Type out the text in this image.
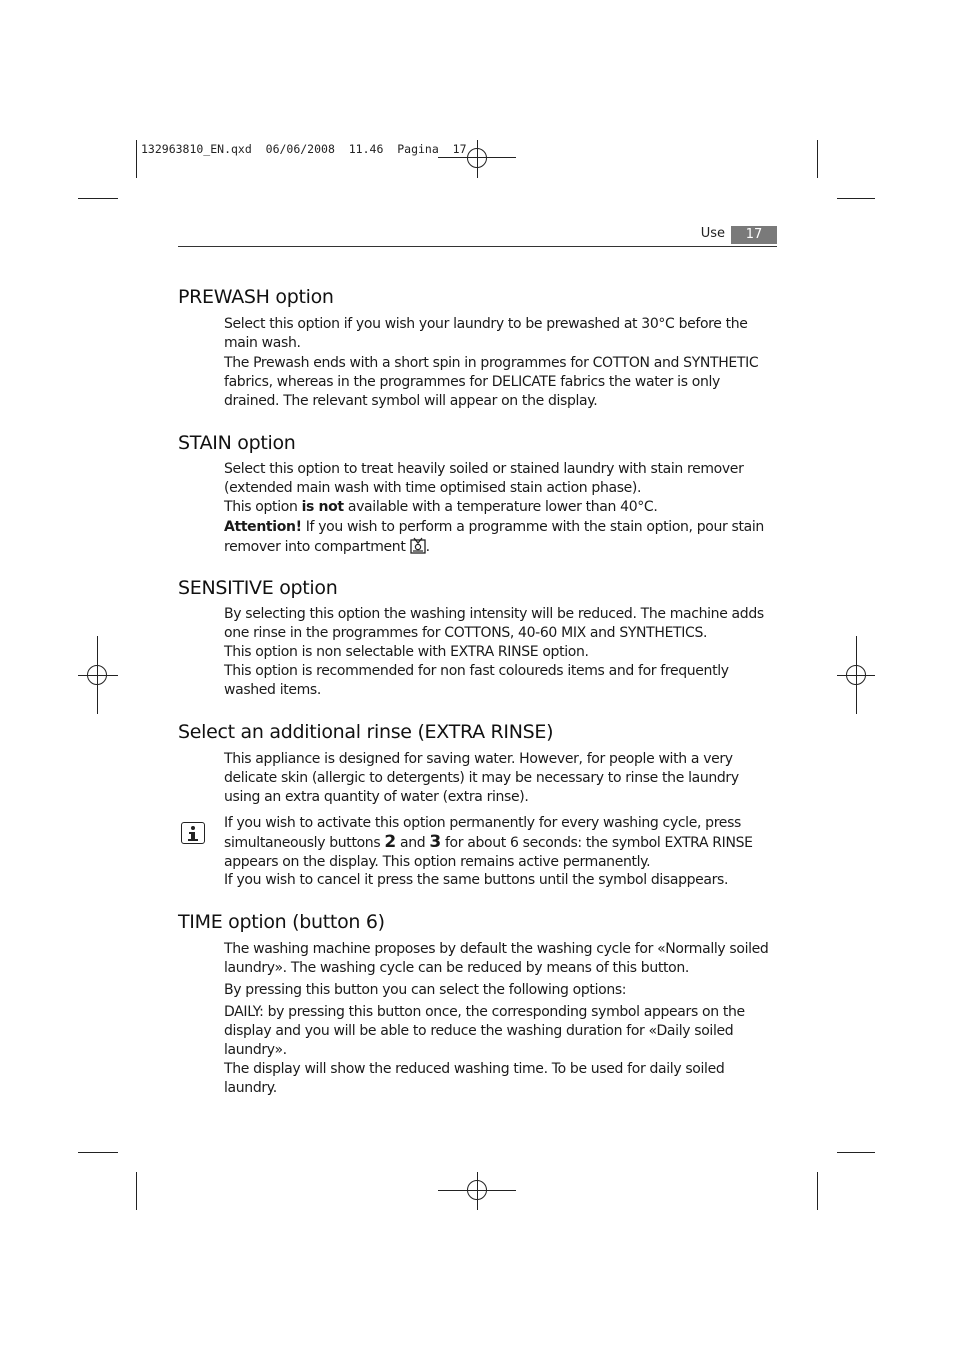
132963810_EN.qxd 06/06/2008 11.46 Pagina 17
Use	17
PREWASH option

Select this option if you wish your laundry to be prewashed at 30°C before the main wash.

The Prewash ends with a short spin in programmes for COTTON and SYNTHETIC fabrics, whereas in the programmes for DELICATE fabrics the water is only drained. The relevant symbol will appear on the display.

STAIN option

Select this option to treat heavily soiled or stained laundry with stain remover (extended main wash with time optimised stain action phase).

This option is not available with a temperature lower than 40°C.

Attention! If you wish to perform a programme with the stain option, pour stain remover into compartment .

SENSITIVE option

By selecting this option the washing intensity will be reduced. The machine adds one rinse in the programmes for COTTONS, 40-60 MIX and SYNTHETICS.

This option is non selectable with EXTRA RINSE option.

This option is recommended for non fast coloureds items and for frequently washed items.

Select an additional rinse (EXTRA RINSE)

This appliance is designed for saving water. However, for people with a very delicate skin (allergic to detergents) it may be necessary to rinse the laundry using an extra quantity of water (extra rinse).

If you wish to activate this option permanently for every washing cycle, press simultaneously buttons 2 and 3 for about 6 seconds: the symbol EXTRA RINSE appears on the display. This option remains active permanently.

If you wish to cancel it press the same buttons until the symbol disappears.

TIME option (button 6)

The washing machine proposes by default the washing cycle for «Normally soiled laundry». The washing cycle can be reduced by means of this button.

By pressing this button you can select the following options:

DAILY: by pressing this button once, the corresponding symbol appears on the display and you will be able to reduce the washing duration for «Daily soiled laundry».

The display will show the reduced washing time. To be used for daily soiled laundry.
